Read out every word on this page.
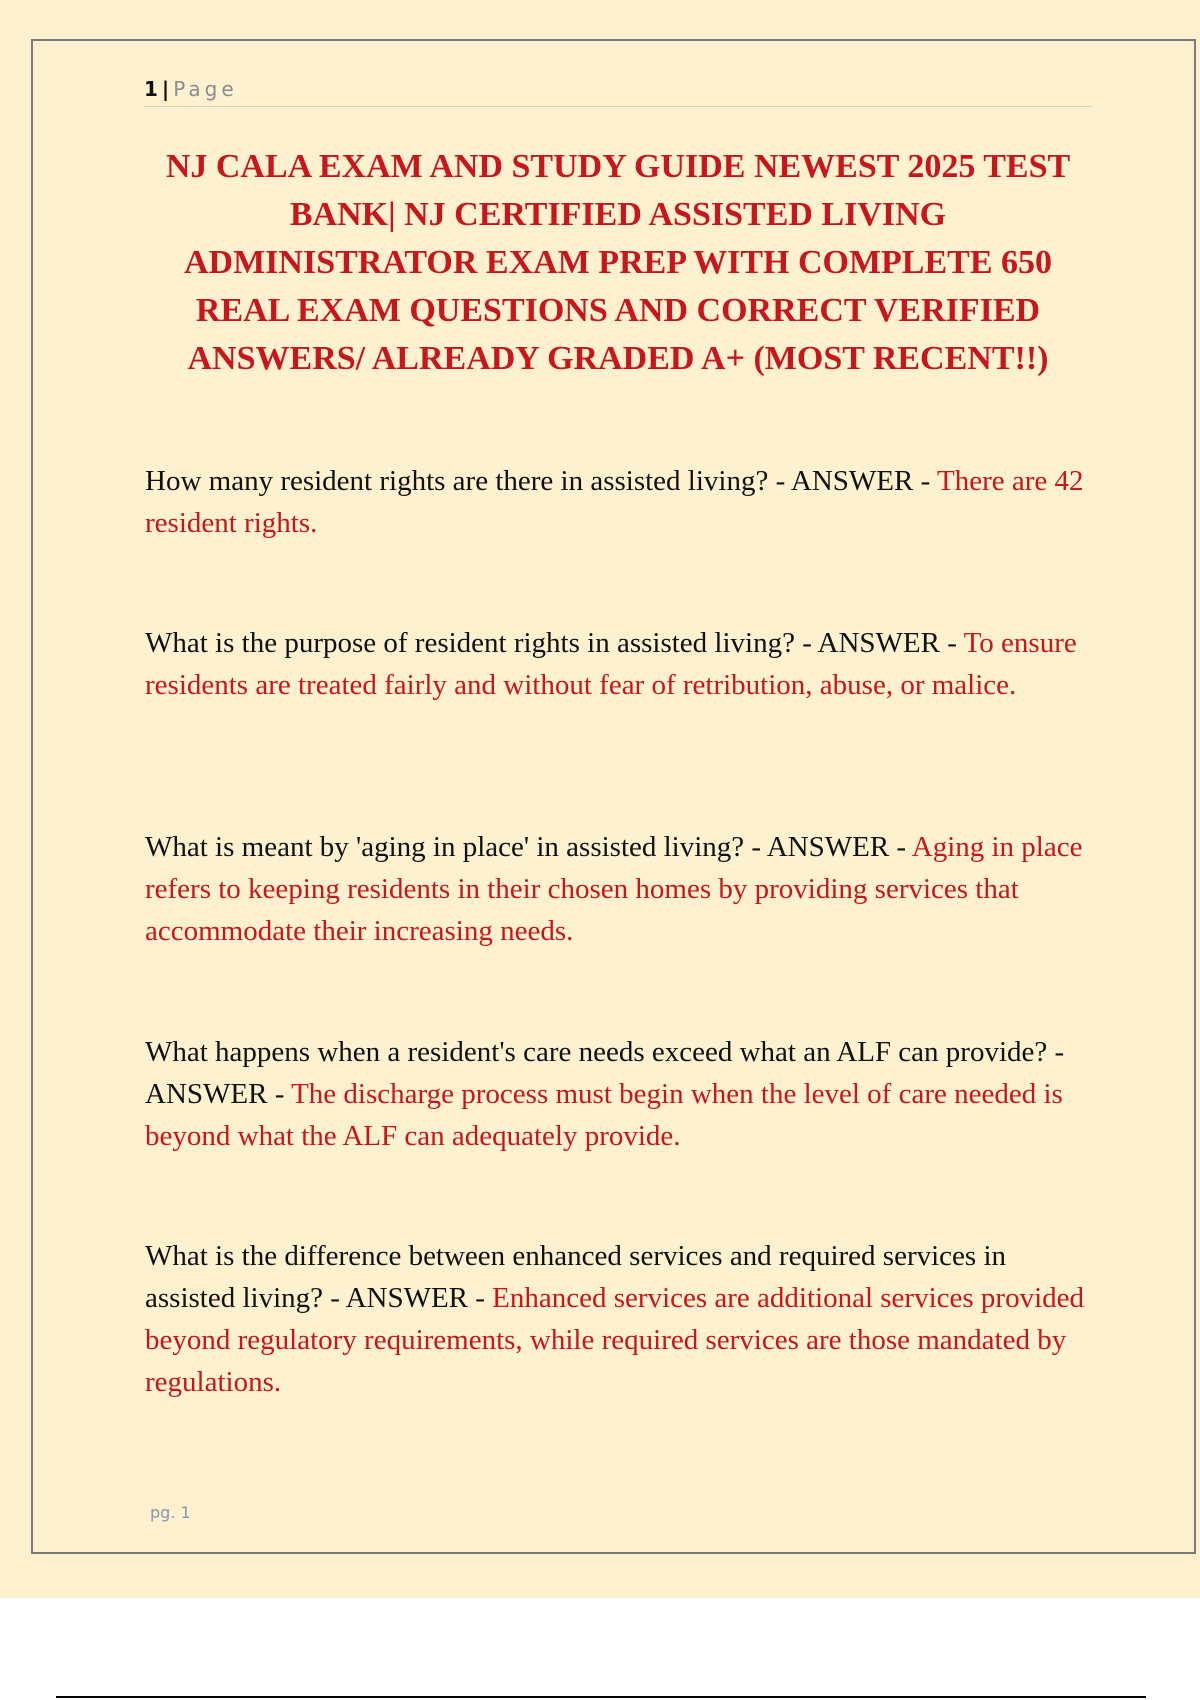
1 | Page
NJ CALA EXAM AND STUDY GUIDE NEWEST 2025 TEST BANK| NJ CERTIFIED ASSISTED LIVING ADMINISTRATOR EXAM PREP WITH COMPLETE 650 REAL EXAM QUESTIONS AND CORRECT VERIFIED ANSWERS/ ALREADY GRADED A+ (MOST RECENT!!)

How many resident rights are there in assisted living? - ANSWER - There are 42 resident rights.

What is the purpose of resident rights in assisted living? - ANSWER - To ensure residents are treated fairly and without fear of retribution, abuse, or malice.

What is meant by 'aging in place' in assisted living? - ANSWER - Aging in place refers to keeping residents in their chosen homes by providing services that accommodate their increasing needs.

What happens when a resident's care needs exceed what an ALF can provide? - ANSWER - The discharge process must begin when the level of care needed is beyond what the ALF can adequately provide.

What is the difference between enhanced services and required services in assisted living? - ANSWER - Enhanced services are additional services provided beyond regulatory requirements, while required services are those mandated by regulations.

pg. 1
